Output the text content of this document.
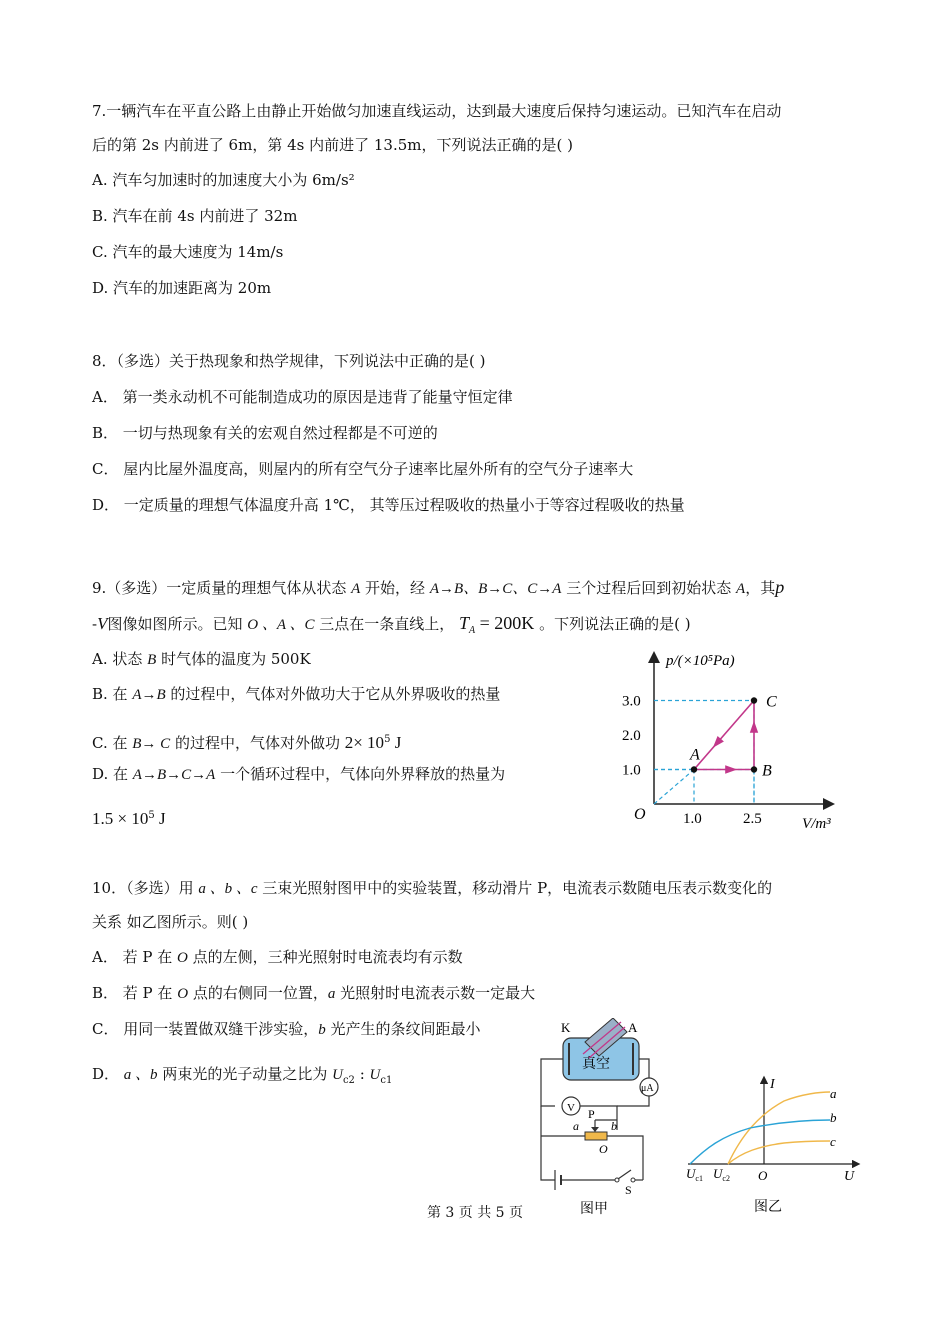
7.一辆汽车在平直公路上由静止开始做匀加速直线运动，达到最大速度后保持匀速运动。已知汽车在启动
后的第 2s 内前进了 6m，第 4s 内前进了 13.5m，下列说法正确的是( )
A. 汽车匀加速时的加速度大小为 6m/s²
B. 汽车在前 4s 内前进了 32m
C. 汽车的最大速度为 14m/s
D. 汽车的加速距离为 20m
8．（多选）关于热现象和热学规律，下列说法中正确的是( )
A． 第一类永动机不可能制造成功的原因是违背了能量守恒定律
B． 一切与热现象有关的宏观自然过程都是不可逆的
C． 屋内比屋外温度高，则屋内的所有空气分子速率比屋外所有的空气分子速率大
D． 一定质量的理想气体温度升高 1℃， 其等压过程吸收的热量小于等容过程吸收的热量
9.（多选）一定质量的理想气体从状态 A 开始，经 A→B、B→C、C→A 三个过程后回到初始状态 A，其p
-V图像如图所示。已知 O 、A 、C 三点在一条直线上， $T_A = 200K$ 。下列说法正确的是( )
A. 状态 B 时气体的温度为 500K
B. 在 A→B 的过程中，气体对外做功大于它从外界吸收的热量
C. 在 B→ C 的过程中，气体对外做功 $2\times 10^5$ J
D. 在 A→B→C→A 一个循环过程中，气体向外界释放的热量为
$1.5 \times 10^5$ J
p/(×10⁵Pa)
V/m³
O
1.0
2.0
3.0
1.0	2.5
A
B
C
10．（多选）用 a 、b 、c 三束光照射图甲中的实验装置，移动滑片 P，电流表示数随电压表示数变化的
关系 如乙图所示。则( )
A． 若 P 在 O 点的左侧，三种光照射时电流表均有示数
B． 若 P 在 O 点的右侧同一位置，a 光照射时电流表示数一定最大
C． 用同一装置做双缝干涉实验，b 光产生的条纹间距最小
D． a 、b 两束光的光子动量之比为 $U_{c2}$ : $U_{c1}$
真空
K	A
μA
V P
a	b
O
S
图甲
I
U
O
$U_{c1}$ $U_{c2}$
a
b
c
图乙
第 3 页 共 5 页
